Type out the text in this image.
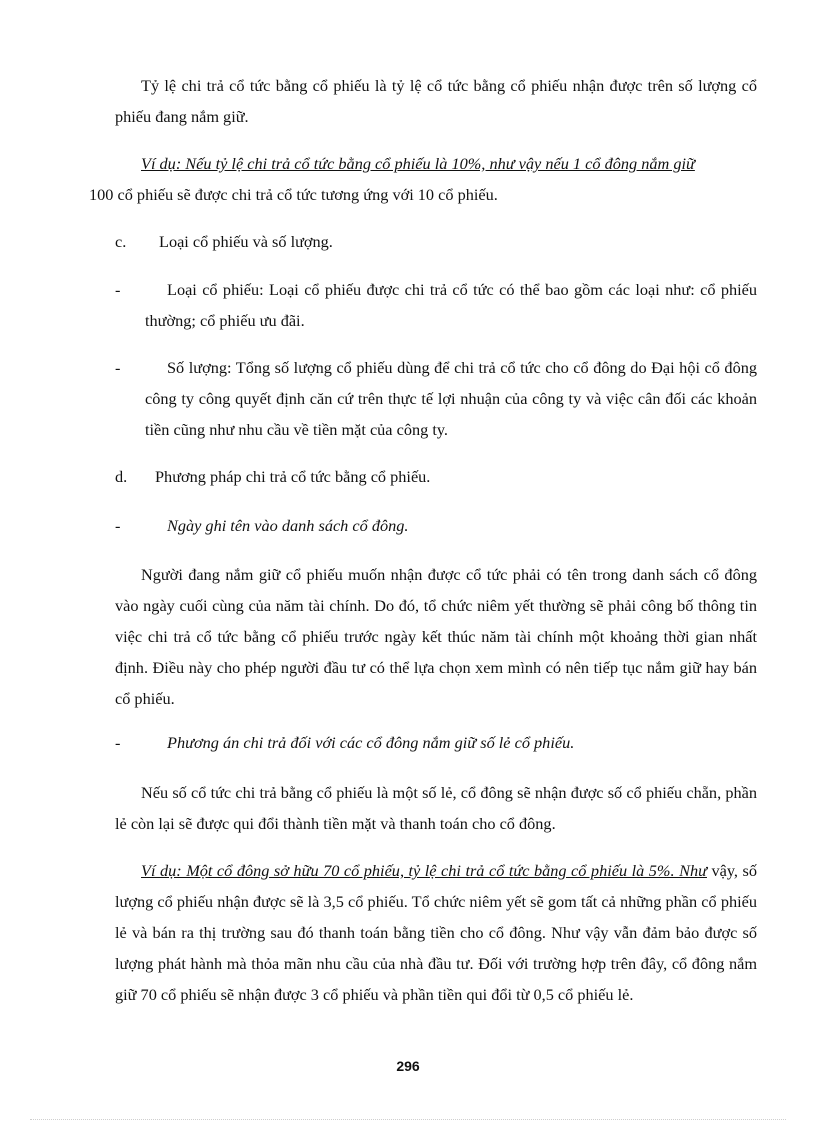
Tỷ lệ chi trả cổ tức bằng cổ phiếu là tỷ lệ cổ tức bằng cổ phiếu nhận được trên số lượng cổ phiếu đang nắm giữ.

Ví dụ: Nếu tỷ lệ chi trả cổ tức bằng cổ phiếu là 10%, như vậy nếu 1 cổ đông nắm giữ
100 cổ phiếu sẽ được chi trả cổ tức tương ứng với 10 cổ phiếu.

c. Loại cổ phiếu và số lượng.

-	Loại cổ phiếu: Loại cổ phiếu được chi trả cổ tức có thể bao gồm các loại như: cổ phiếu thường; cổ phiếu ưu đãi.

-	Số lượng: Tổng số lượng cổ phiếu dùng để chi trả cổ tức cho cổ đông do Đại hội cổ đông công ty công quyết định căn cứ trên thực tế lợi nhuận của công ty và việc cân đối các khoản tiền cũng như nhu cầu về tiền mặt của công ty.

d. Phương pháp chi trả cổ tức bằng cổ phiếu.

-	Ngày ghi tên vào danh sách cổ đông.

Người đang nắm giữ cổ phiếu muốn nhận được cổ tức phải có tên trong danh sách cổ đông vào ngày cuối cùng của năm tài chính. Do đó, tổ chức niêm yết thường sẽ phải công bố thông tin việc chi trả cổ tức bằng cổ phiếu trước ngày kết thúc năm tài chính một khoảng thời gian nhất định. Điều này cho phép người đầu tư có thể lựa chọn xem mình có nên tiếp tục nắm giữ hay bán cổ phiếu.

-	Phương án chi trả đối với các cổ đông nắm giữ số lẻ cổ phiếu.

Nếu số cổ tức chi trả bằng cổ phiếu là một số lẻ, cổ đông sẽ nhận được số cổ phiếu chẵn, phần lẻ còn lại sẽ được qui đổi thành tiền mặt và thanh toán cho cổ đông.

Ví dụ: Một cổ đông sở hữu 70 cổ phiếu, tỷ lệ chi trả cổ tức bằng cổ phiếu là 5%. Như vậy, số lượng cổ phiếu nhận được sẽ là 3,5 cổ phiếu. Tổ chức niêm yết sẽ gom tất cả những phần cổ phiếu lẻ và bán ra thị trường sau đó thanh toán bằng tiền cho cổ đông. Như vậy vẫn đảm bảo được số lượng phát hành mà thỏa mãn nhu cầu của nhà đầu tư. Đối với trường hợp trên đây, cổ đông nắm giữ 70 cổ phiếu sẽ nhận được 3 cổ phiếu và phần tiền qui đổi từ 0,5 cổ phiếu lẻ.

296
